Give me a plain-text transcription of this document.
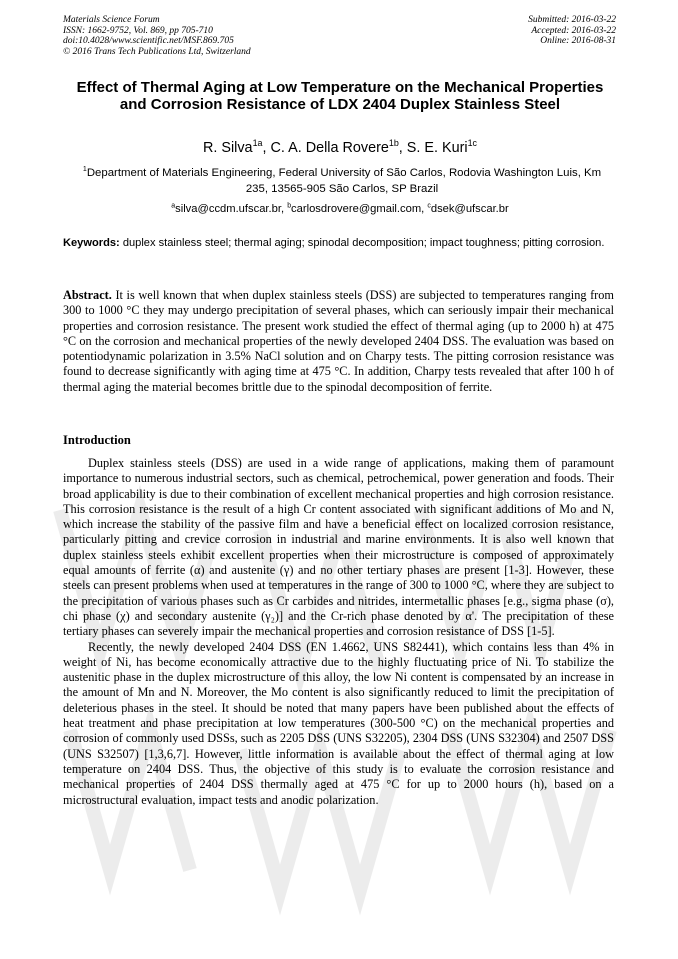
Materials Science Forum
ISSN: 1662-9752, Vol. 869, pp 705-710
doi:10.4028/www.scientific.net/MSF.869.705
© 2016 Trans Tech Publications Ltd, Switzerland
Submitted: 2016-03-22
Accepted: 2016-03-22
Online: 2016-08-31
Effect of Thermal Aging at Low Temperature on the Mechanical Properties and Corrosion Resistance of LDX 2404 Duplex Stainless Steel
R. Silva$^{1a}$, C. A. Della Rovere$^{1b}$, S. E. Kuri$^{1c}$
$^1$Department of Materials Engineering, Federal University of São Carlos, Rodovia Washington Luis, Km 235, 13565-905 São Carlos, SP Brazil
$^a$silva@ccdm.ufscar.br, $^b$carlosdrovere@gmail.com, $^c$dsek@ufscar.br
Keywords: duplex stainless steel; thermal aging; spinodal decomposition; impact toughness; pitting corrosion.
Abstract. It is well known that when duplex stainless steels (DSS) are subjected to temperatures ranging from 300 to 1000 °C they may undergo precipitation of several phases, which can seriously impair their mechanical properties and corrosion resistance. The present work studied the effect of thermal aging (up to 2000 h) at 475 °C on the corrosion and mechanical properties of the newly developed 2404 DSS. The evaluation was based on potentiodynamic polarization in 3.5% NaCl solution and on Charpy tests. The pitting corrosion resistance was found to decrease significantly with aging time at 475 °C. In addition, Charpy tests revealed that after 100 h of thermal aging the material becomes brittle due to the spinodal decomposition of ferrite.
Introduction

Duplex stainless steels (DSS) are used in a wide range of applications, making them of paramount importance to numerous industrial sectors, such as chemical, petrochemical, power generation and foods. Their broad applicability is due to their combination of excellent mechanical properties and high corrosion resistance. This corrosion resistance is the result of a high Cr content associated with significant additions of Mo and N, which increase the stability of the passive film and have a beneficial effect on localized corrosion resistance, particularly pitting and crevice corrosion in industrial and marine environments. It is also well known that duplex stainless steels exhibit excellent properties when their microstructure is composed of approximately equal amounts of ferrite (α) and austenite (γ) and no other tertiary phases are present [1-3]. However, these steels can present problems when used at temperatures in the range of 300 to 1000 °C, where they are subject to the precipitation of various phases such as Cr carbides and nitrides, intermetallic phases [e.g., sigma phase (σ), chi phase (χ) and secondary austenite (γ₂)] and the Cr-rich phase denoted by α'. The precipitation of these tertiary phases can severely impair the mechanical properties and corrosion resistance of DSS [1-5].

Recently, the newly developed 2404 DSS (EN 1.4662, UNS S82441), which contains less than 4% in weight of Ni, has become economically attractive due to the highly fluctuating price of Ni. To stabilize the austenitic phase in the duplex microstructure of this alloy, the low Ni content is compensated by an increase in the amount of Mn and N. Moreover, the Mo content is also significantly reduced to limit the precipitation of deleterious phases in the steel. It should be noted that many papers have been published about the effects of heat treatment and phase precipitation at low temperatures (300-500 °C) on the mechanical properties and corrosion of commonly used DSSs, such as 2205 DSS (UNS S32205), 2304 DSS (UNS S32304) and 2507 DSS (UNS S32507) [1,3,6,7]. However, little information is available about the effect of thermal aging at low temperature on 2404 DSS. Thus, the objective of this study is to evaluate the corrosion resistance and mechanical properties of 2404 DSS thermally aged at 475 °C for up to 2000 hours (h), based on a microstructural evaluation, impact tests and anodic polarization.
